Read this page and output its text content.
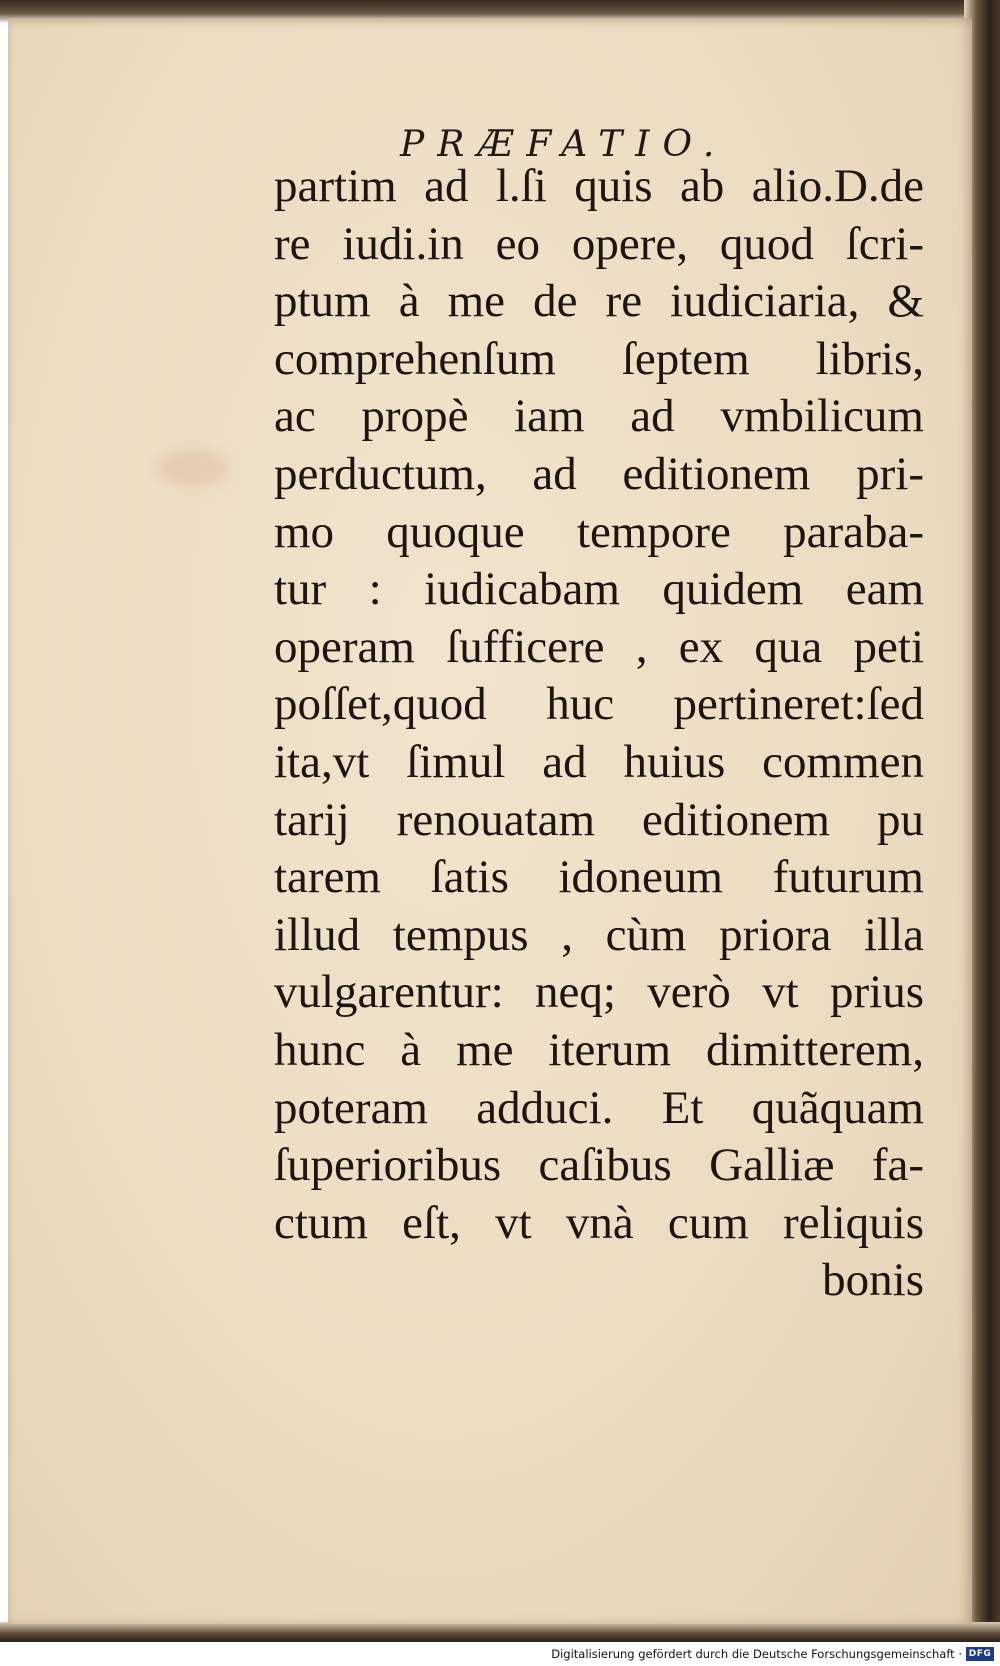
PRÆFATIO.
partim ad l.ſi quis ab alio.D.de
re iudi.in eo opere, quod ſcri-
ptum à me de re iudiciaria, &
comprehenſum ſeptem libris,
ac propè iam ad vmbilicum
perductum, ad editionem pri-
mo quoque tempore paraba-
tur : iudicabam quidem eam
operam ſufficere , ex qua peti
poſſet,quod huc pertineret:ſed
ita,vt ſimul ad huius commen
tarij renouatam editionem pu
tarem ſatis idoneum futurum
illud tempus , cùm priora illa
vulgarentur: neq; verò vt prius
hunc à me iterum dimitterem,
poteram adduci. Et quãquam
ſuperioribus caſibus Galliæ fa-
ctum eſt, vt vnà cum reliquis
bonis
Digitalisierung gefördert durch die Deutsche Forschungsgemeinschaft · DFG
